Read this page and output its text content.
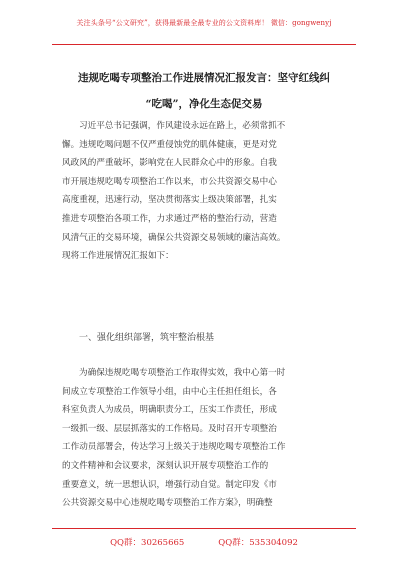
关注头条号“公文研究”，获得最新最全最专业的公文资料库！ 微信：gongwenyj
违规吃喝专项整治工作进展情况汇报发言：坚守红线纠
“吃喝”，净化生态促交易
习近平总书记强调，作风建设永远在路上，必须常抓不
懈。违规吃喝问题不仅严重侵蚀党的肌体健康，更是对党
风政风的严重破坏，影响党在人民群众心中的形象。自我
市开展违规吃喝专项整治工作以来，市公共资源交易中心
高度重视，迅速行动，坚决贯彻落实上级决策部署，扎实
推进专项整治各项工作，力求通过严格的整治行动，营造
风清气正的交易环境，确保公共资源交易领域的廉洁高效。
现将工作进展情况汇报如下：
一、强化组织部署，筑牢整治根基
为确保违规吃喝专项整治工作取得实效，我中心第一时
间成立专项整治工作领导小组，由中心主任担任组长，各
科室负责人为成员，明确职责分工，压实工作责任，形成
一级抓一级、层层抓落实的工作格局。及时召开专项整治
工作动员部署会，传达学习上级关于违规吃喝专项整治工作
的文件精神和会议要求，深刻认识开展专项整治工作的
重要意义，统一思想认识，增强行动自觉。制定印发《市
公共资源交易中心违规吃喝专项整治工作方案》，明确整
QQ群：30265665	QQ群：535304092
